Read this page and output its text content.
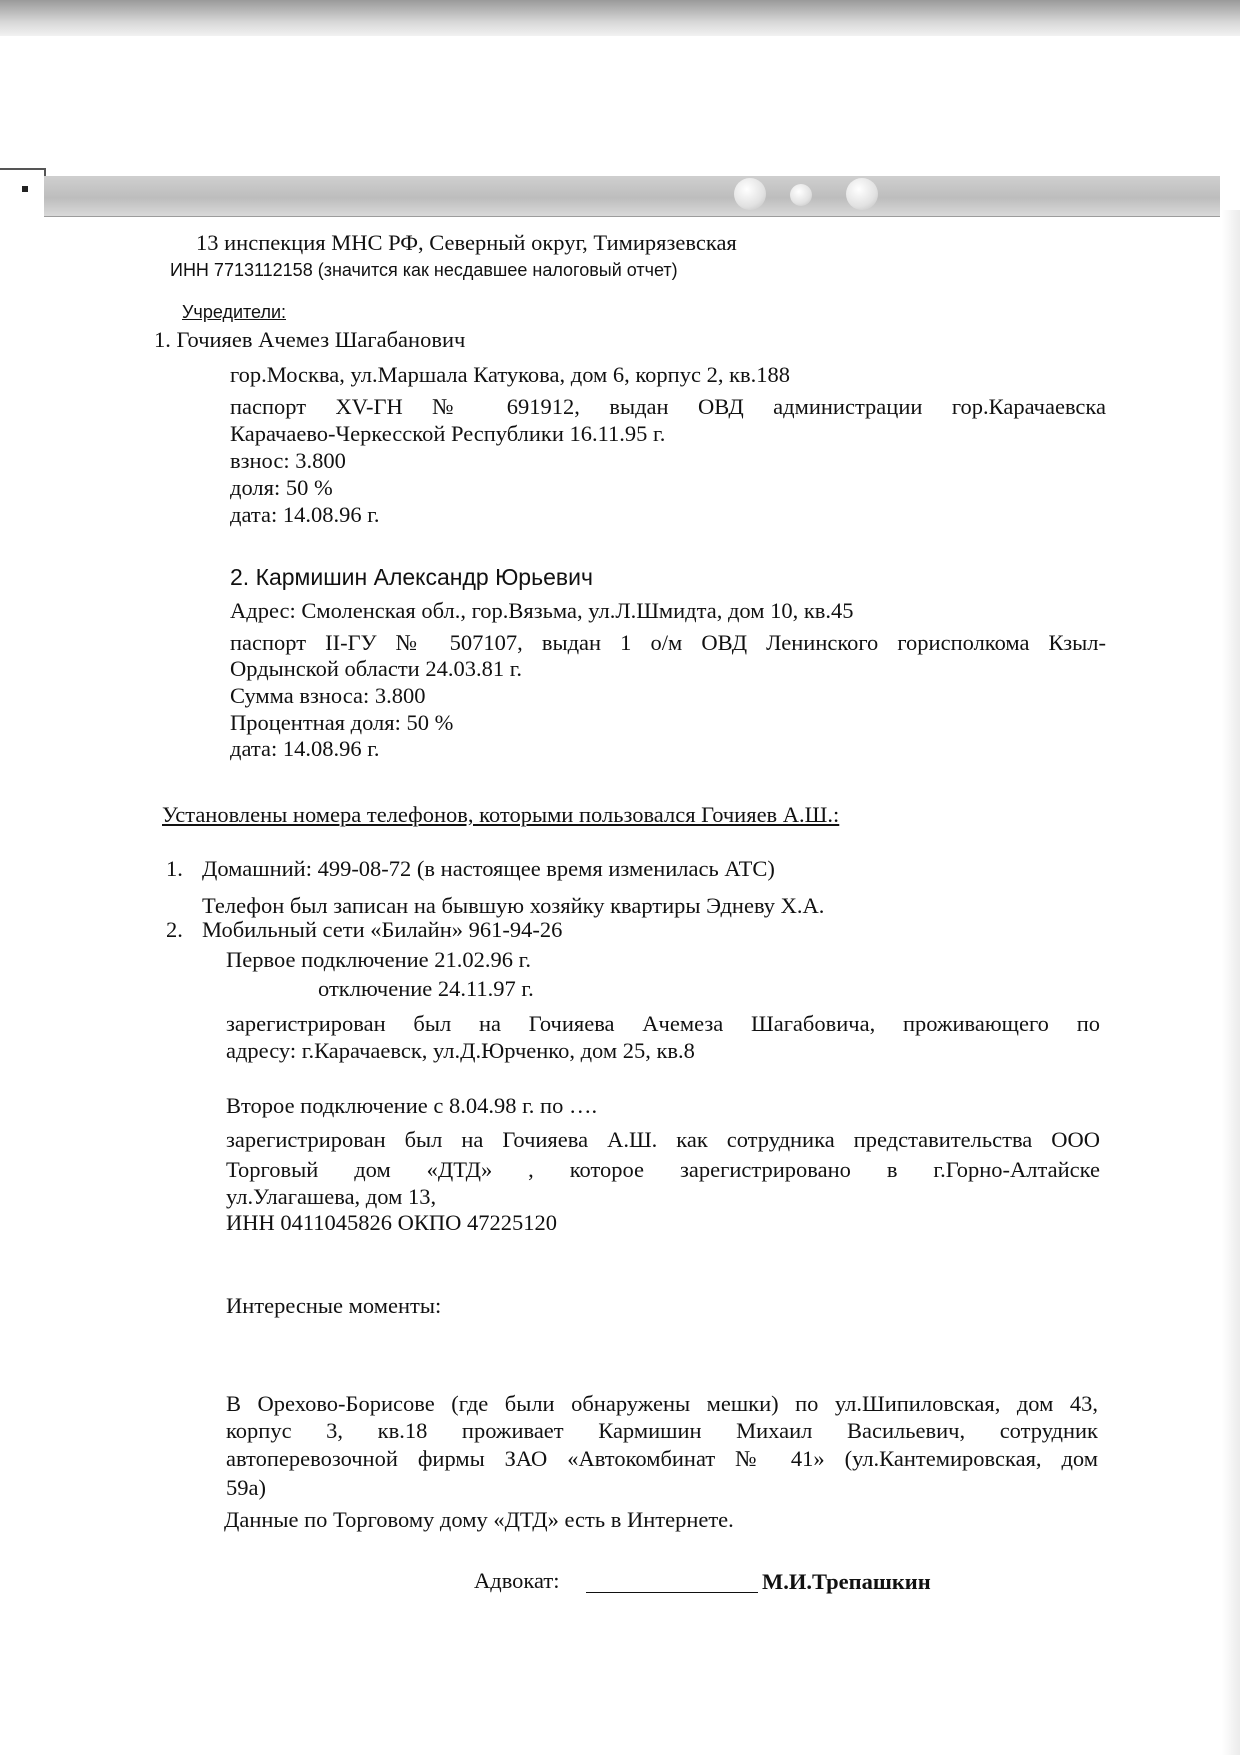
13 инспекция МНС РФ, Северный округ, Тимирязевская
ИНН 7713112158 (значится как несдавшее налоговый отчет)
Учредители:
1. Гочияев Ачемез Шагабанович
гор.Москва, ул.Маршала Катукова, дом 6, корпус 2, кв.188
паспорт XV-ГН № 691912, выдан ОВД администрации гор.Карачаевска
Карачаево-Черкесской Республики 16.11.95 г.
взнос: 3.800
доля: 50 %
дата: 14.08.96 г.
2. Кармишин Александр Юрьевич
Адрес: Смоленская обл., гор.Вязьма, ул.Л.Шмидта, дом 10, кв.45
паспорт II-ГУ № 507107, выдан 1 о/м ОВД Ленинского горисполкома Кзыл-
Ордынской области 24.03.81 г.
Сумма взноса: 3.800
Процентная доля: 50 %
дата: 14.08.96 г.
Установлены номера телефонов, которыми пользовался Гочияев А.Ш.:
1. Домашний: 499-08-72 (в настоящее время изменилась АТС)
Телефон был записан на бывшую хозяйку квартиры Эдневу Х.А.
2. Мобильный сети «Билайн» 961-94-26
Первое подключение 21.02.96 г.
отключение 24.11.97 г.
зарегистрирован был на Гочияева Ачемеза Шагабовича, проживающего по
адресу: г.Карачаевск, ул.Д.Юрченко, дом 25, кв.8
Второе подключение с 8.04.98 г. по ….
зарегистрирован был на Гочияева А.Ш. как сотрудника представительства ООО
Торговый дом «ДТД» , которое зарегистрировано в г.Горно-Алтайске
ул.Улагашева, дом 13,
ИНН 0411045826 ОКПО 47225120
Интересные моменты:
В Орехово-Борисове (где были обнаружены мешки) по ул.Шипиловская, дом 43,
корпус 3, кв.18 проживает Кармишин Михаил Васильевич, сотрудник
автоперевозочной фирмы ЗАО «Автокомбинат № 41» (ул.Кантемировская, дом
59а)
Данные по Торговому дому «ДТД» есть в Интернете.
Адвокат:	М.И.Трепашкин
